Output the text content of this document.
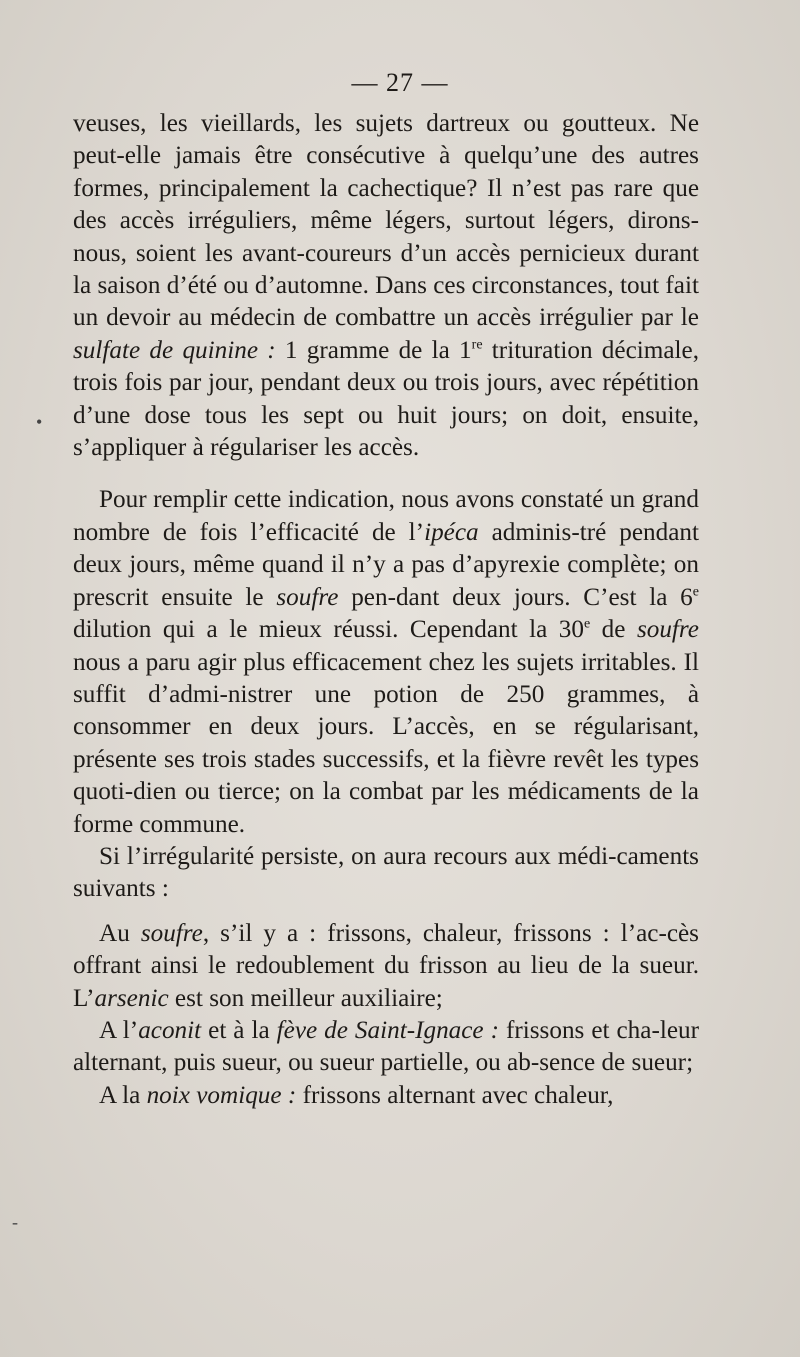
— 27 —

veuses, les vieillards, les sujets dartreux ou goutteux. Ne peut-elle jamais être consécutive à quelqu’une des autres formes, principalement la cachectique? Il n’est pas rare que des accès irréguliers, même légers, surtout légers, dirons-nous, soient les avant-coureurs d’un accès pernicieux durant la saison d’été ou d’automne. Dans ces circonstances, tout fait un devoir au médecin de combattre un accès irrégulier par le sulfate de quinine : 1 gramme de la 1re trituration décimale, trois fois par jour, pendant deux ou trois jours, avec répétition d’une dose tous les sept ou huit jours; on doit, ensuite, s’appliquer à régulariser les accès.

Pour remplir cette indication, nous avons constaté un grand nombre de fois l’efficacité de l’ipéca adminis-tré pendant deux jours, même quand il n’y a pas d’apyrexie complète; on prescrit ensuite le soufre pen-dant deux jours. C’est la 6e dilution qui a le mieux réussi. Cependant la 30e de soufre nous a paru agir plus efficacement chez les sujets irritables. Il suffit d’admi-nistrer une potion de 250 grammes, à consommer en deux jours. L’accès, en se régularisant, présente ses trois stades successifs, et la fièvre revêt les types quoti-dien ou tierce; on la combat par les médicaments de la forme commune.

Si l’irrégularité persiste, on aura recours aux médi-caments suivants :

Au soufre, s’il y a : frissons, chaleur, frissons : l’ac-cès offrant ainsi le redoublement du frisson au lieu de la sueur. L’arsenic est son meilleur auxiliaire;

A l’aconit et à la fève de Saint-Ignace : frissons et cha-leur alternant, puis sueur, ou sueur partielle, ou ab-sence de sueur;

A la noix vomique : frissons alternant avec chaleur,

•
-
